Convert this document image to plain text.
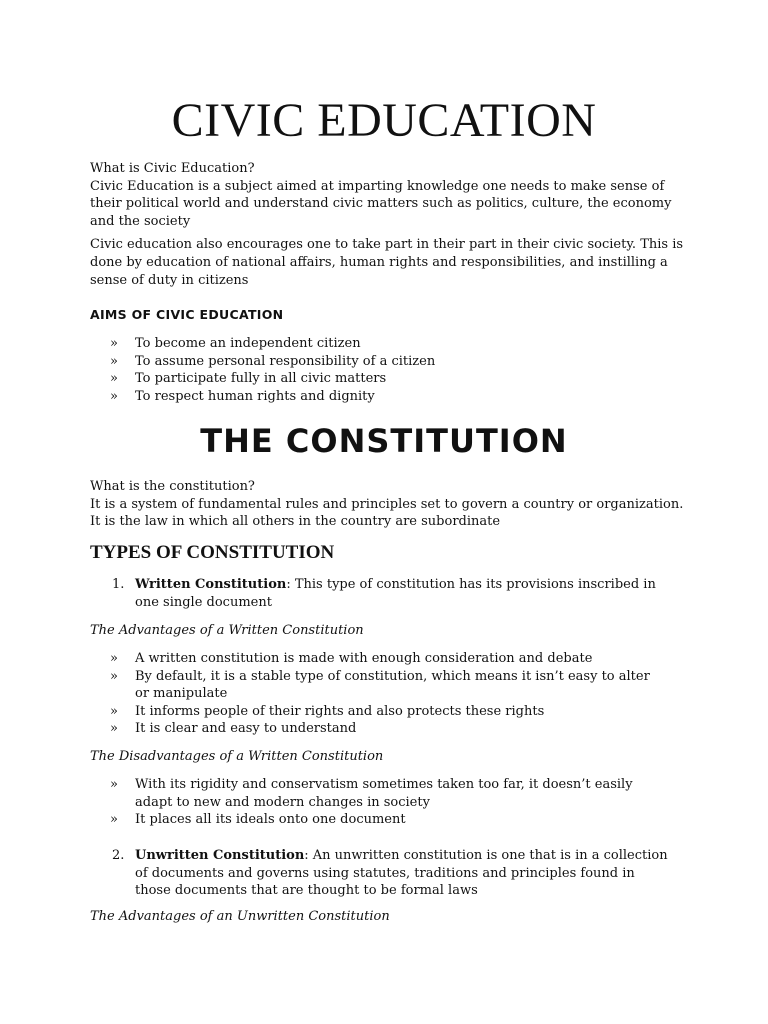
CIVIC EDUCATION

What is Civic Education?

Civic Education is a subject aimed at imparting knowledge one needs to make sense of their political world and understand civic matters such as politics, culture, the economy and the society

Civic education also encourages one to take part in their part in their civic society. This is done by education of national affairs, human rights and responsibilities, and instilling a sense of duty in citizens

AIMS OF CIVIC EDUCATION
» To become an independent citizen
» To assume personal responsibility of a citizen
» To participate fully in all civic matters
» To respect human rights and dignity
THE CONSTITUTION

What is the constitution?

It is a system of fundamental rules and principles set to govern a country or organization. It is the law in which all others in the country are subordinate

TYPES OF CONSTITUTION
1. Written Constitution: This type of constitution has its provisions inscribed in one single document
The Advantages of a Written Constitution
» A written constitution is made with enough consideration and debate
» By default, it is a stable type of constitution, which means it isn’t easy to alter or manipulate
» It informs people of their rights and also protects these rights
» It is clear and easy to understand
The Disadvantages of a Written Constitution
» With its rigidity and conservatism sometimes taken too far, it doesn’t easily adapt to new and modern changes in society
» It places all its ideals onto one document
2. Unwritten Constitution: An unwritten constitution is one that is in a collection of documents and governs using statutes, traditions and principles found in those documents that are thought to be formal laws
The Advantages of an Unwritten Constitution
